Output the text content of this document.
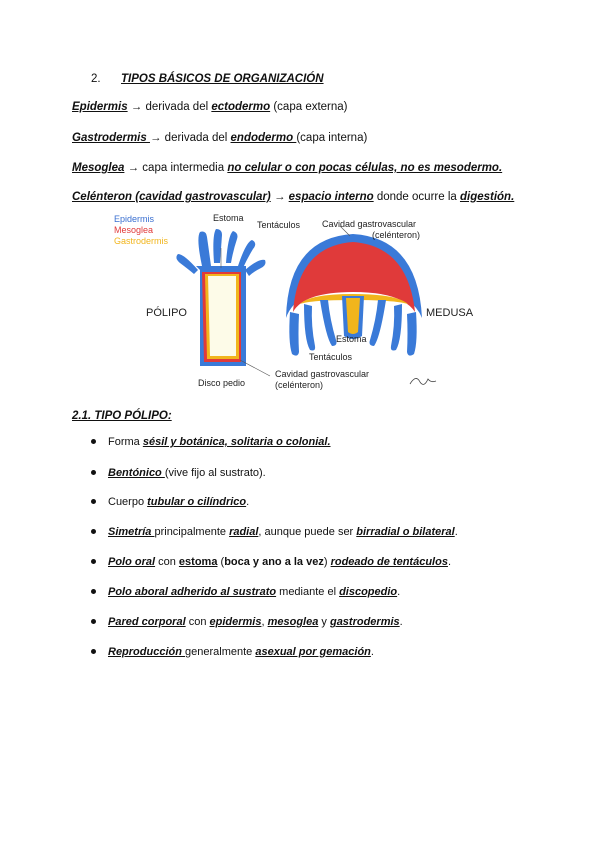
2. TIPOS BÁSICOS DE ORGANIZACIÓN
Epidermis → derivada del ectodermo (capa externa)
Gastrodermis → derivada del endodermo (capa interna)
Mesoglea → capa intermedia no celular o con pocas células, no es mesodermo.
Celénteron (cavidad gastrovascular) → espacio interno donde ocurre la digestión.
Epidermis
Mesoglea
Gastrodermis
Estoma
Tentáculos
PÓLIPO
Disco pedio
Cavidad gastrovascular
(celénteron)
Cavidad gastrovascular
(celénteron)
MEDUSA
Estoma
Tentáculos
2.1. TIPO PÓLIPO:
Forma sésil y botánica, solitaria o colonial.
Bentónico (vive fijo al sustrato).
Cuerpo tubular o cilíndrico.
Simetría principalmente radial, aunque puede ser birradial o bilateral.
Polo oral con estoma (boca y ano a la vez) rodeado de tentáculos.
Polo aboral adherido al sustrato mediante el discopedio.
Pared corporal con epidermis, mesoglea y gastrodermis.
Reproducción generalmente asexual por gemación.
